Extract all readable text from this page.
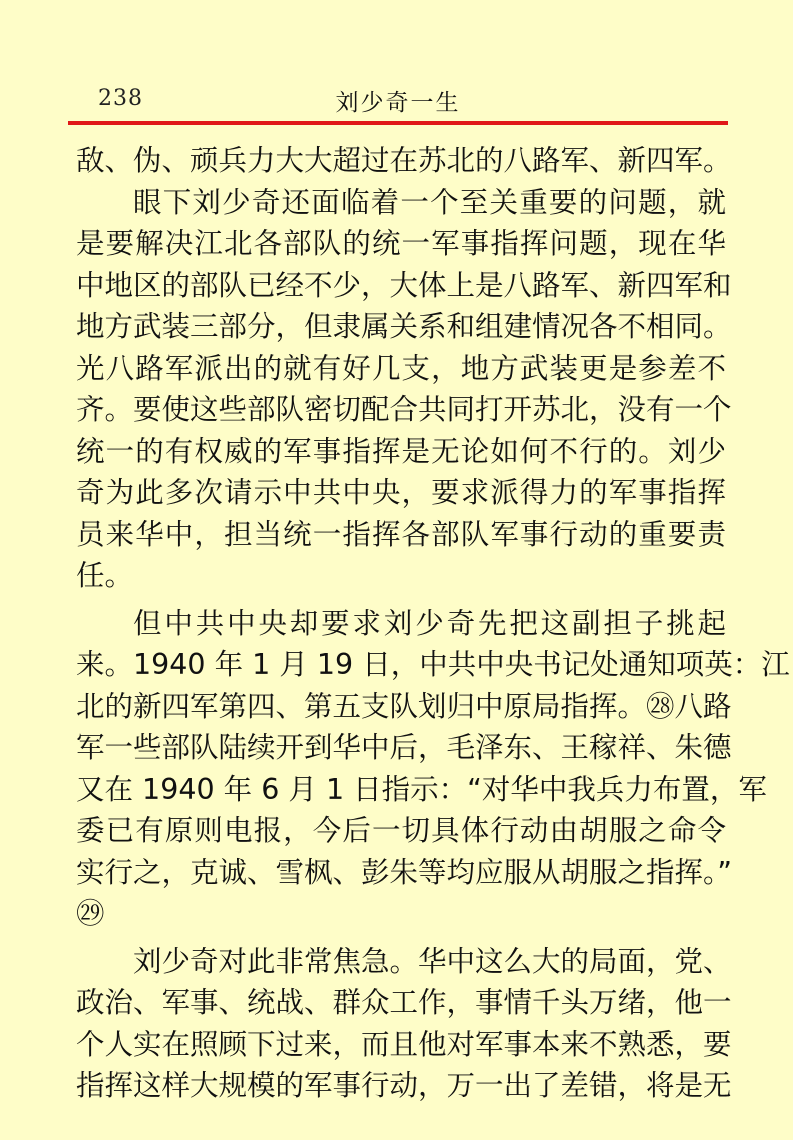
238	刘少奇一生
敌、伪、顽兵力大大超过在苏北的八路军、新四军。
眼下刘少奇还面临着一个至关重要的问题，就
是要解决江北各部队的统一军事指挥问题，现在华
中地区的部队已经不少，大体上是八路军、新四军和
地方武装三部分，但隶属关系和组建情况各不相同。
光八路军派出的就有好几支，地方武装更是参差不
齐。要使这些部队密切配合共同打开苏北，没有一个
统一的有权威的军事指挥是无论如何不行的。刘少
奇为此多次请示中共中央，要求派得力的军事指挥
员来华中，担当统一指挥各部队军事行动的重要责
任。
但中共中央却要求刘少奇先把这副担子挑起
来。1940 年 1 月 19 日，中共中央书记处通知项英：江
北的新四军第四、第五支队划归中原局指挥。㉘八路
军一些部队陆续开到华中后，毛泽东、王稼祥、朱德
又在 1940 年 6 月 1 日指示：“对华中我兵力布置，军
委已有原则电报，今后一切具体行动由胡服之命令
实行之，克诚、雪枫、彭朱等均应服从胡服之指挥。”
㉙
刘少奇对此非常焦急。华中这么大的局面，党、
政治、军事、统战、群众工作，事情千头万绪，他一
个人实在照顾下过来，而且他对军事本来不熟悉，要
指挥这样大规模的军事行动，万一出了差错，将是无
